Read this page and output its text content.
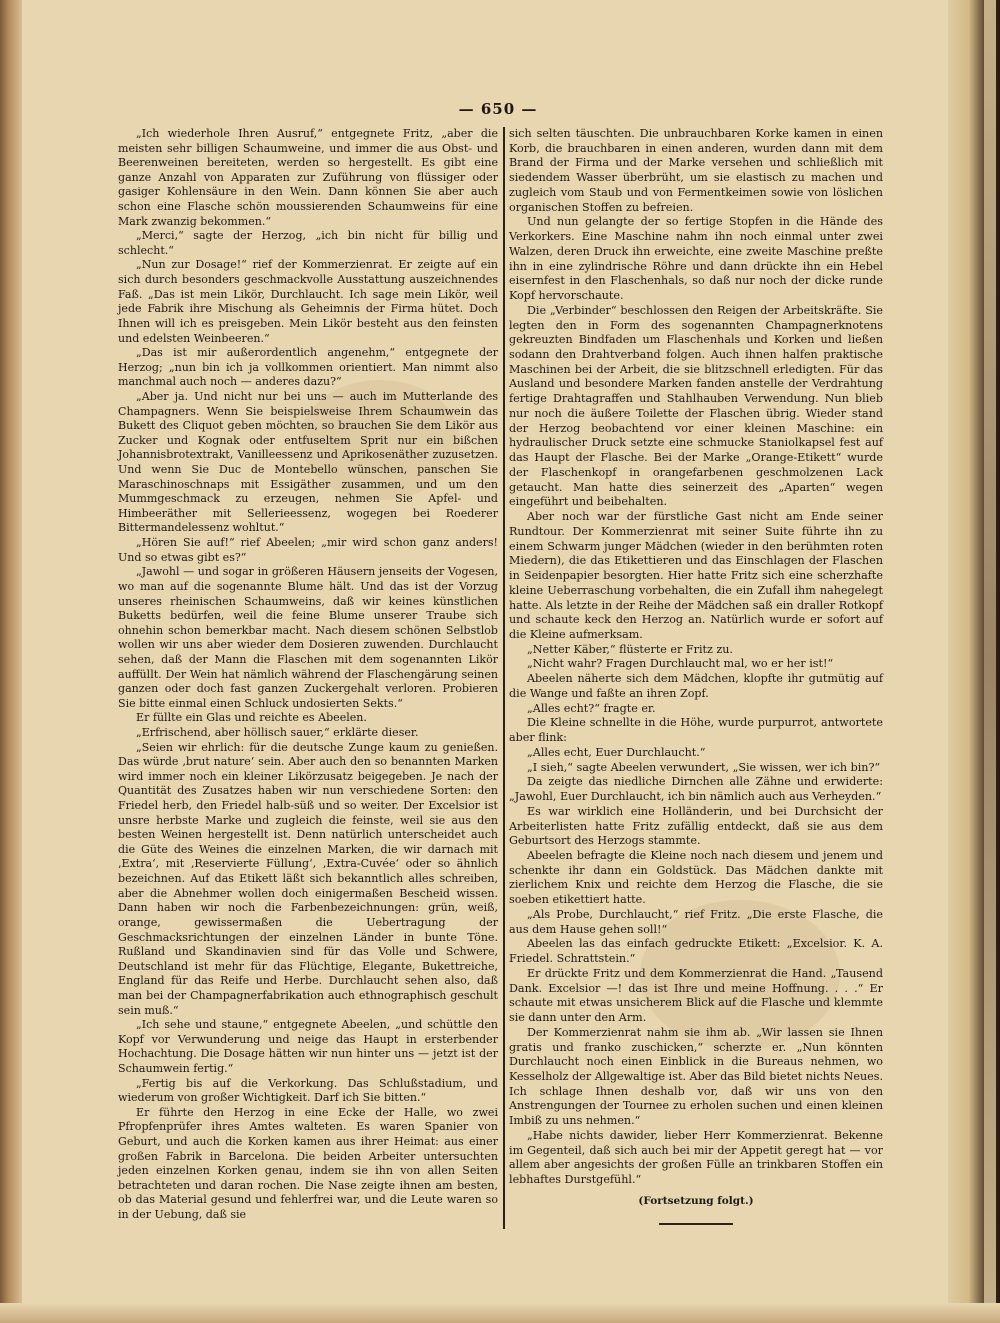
— 650 —

„Ich wiederhole Ihren Ausruf,“ entgegnete Fritz, „aber die meisten sehr billigen Schaumweine, und immer die aus Obst- und Beerenweinen bereiteten, werden so hergestellt. Es gibt eine ganze Anzahl von Apparaten zur Zuführung von flüssiger oder gasiger Kohlensäure in den Wein. Dann können Sie aber auch schon eine Flasche schön moussierenden Schaumweins für eine Mark zwanzig bekommen.“

„Merci,“ sagte der Herzog, „ich bin nicht für billig und schlecht.“

„Nun zur Dosage!“ rief der Kommerzienrat. Er zeigte auf ein sich durch besonders geschmackvolle Ausstattung auszeichnendes Faß. „Das ist mein Likör, Durchlaucht. Ich sage mein Likör, weil jede Fabrik ihre Mischung als Geheimnis der Firma hütet. Doch Ihnen will ich es preisgeben. Mein Likör besteht aus den feinsten und edelsten Weinbeeren.“

„Das ist mir außerordentlich angenehm,“ entgegnete der Herzog; „nun bin ich ja vollkommen orientiert. Man nimmt also manchmal auch noch — anderes dazu?“

„Aber ja. Und nicht nur bei uns — auch im Mutterlande des Champagners. Wenn Sie beispielsweise Ihrem Schaumwein das Bukett des Cliquot geben möchten, so brauchen Sie dem Likör aus Zucker und Kognak oder entfuseltem Sprit nur ein bißchen Johannisbrotextrakt, Vanilleessenz und Aprikosenäther zuzusetzen. Und wenn Sie Duc de Montebello wünschen, panschen Sie Maraschinoschnaps mit Essigäther zusammen, und um den Mummgeschmack zu erzeugen, nehmen Sie Apfel- und Himbeeräther mit Sellerieessenz, wogegen bei Roederer Bittermandelessenz wohltut.“

„Hören Sie auf!“ rief Abeelen; „mir wird schon ganz anders! Und so etwas gibt es?“

„Jawohl — und sogar in größeren Häusern jenseits der Vogesen, wo man auf die sogenannte Blume hält. Und das ist der Vorzug unseres rheinischen Schaumweins, daß wir keines künstlichen Buketts bedürfen, weil die feine Blume unserer Traube sich ohnehin schon bemerkbar macht. Nach diesem schönen Selbstlob wollen wir uns aber wieder dem Dosieren zuwenden. Durchlaucht sehen, daß der Mann die Flaschen mit dem sogenannten Likör auffüllt. Der Wein hat nämlich während der Flaschengärung seinen ganzen oder doch fast ganzen Zuckergehalt verloren. Probieren Sie bitte einmal einen Schluck undosierten Sekts.“

Er füllte ein Glas und reichte es Abeelen.

„Erfrischend, aber höllisch sauer,“ erklärte dieser.

„Seien wir ehrlich: für die deutsche Zunge kaum zu genießen. Das würde ‚brut nature‘ sein. Aber auch den so benannten Marken wird immer noch ein kleiner Likörzusatz beigegeben. Je nach der Quantität des Zusatzes haben wir nun verschiedene Sorten: den Friedel herb, den Friedel halb-süß und so weiter. Der Excelsior ist unsre herbste Marke und zugleich die feinste, weil sie aus den besten Weinen hergestellt ist. Denn natürlich unterscheidet auch die Güte des Weines die einzelnen Marken, die wir darnach mit ‚Extra‘, mit ‚Reservierte Füllung‘, ‚Extra-Cuvée‘ oder so ähnlich bezeichnen. Auf das Etikett läßt sich bekanntlich alles schreiben, aber die Abnehmer wollen doch einigermaßen Bescheid wissen. Dann haben wir noch die Farbenbezeichnungen: grün, weiß, orange, gewissermaßen die Uebertragung der Geschmacksrichtungen der einzelnen Länder in bunte Töne. Rußland und Skandinavien sind für das Volle und Schwere, Deutschland ist mehr für das Flüchtige, Elegante, Bukettreiche, England für das Reife und Herbe. Durchlaucht sehen also, daß man bei der Champagnerfabrikation auch ethnographisch geschult sein muß.“

„Ich sehe und staune,“ entgegnete Abeelen, „und schüttle den Kopf vor Verwunderung und neige das Haupt in ersterbender Hochachtung. Die Dosage hätten wir nun hinter uns — jetzt ist der Schaumwein fertig.“

„Fertig bis auf die Verkorkung. Das Schlußstadium, und wiederum von großer Wichtigkeit. Darf ich Sie bitten.“

Er führte den Herzog in eine Ecke der Halle, wo zwei Pfropfenprüfer ihres Amtes walteten. Es waren Spanier von Geburt, und auch die Korken kamen aus ihrer Heimat: aus einer großen Fabrik in Barcelona. Die beiden Arbeiter untersuchten jeden einzelnen Korken genau, indem sie ihn von allen Seiten betrachteten und daran rochen. Die Nase zeigte ihnen am besten, ob das Material gesund und fehlerfrei war, und die Leute waren so in der Uebung, daß sie

sich selten täuschten. Die unbrauchbaren Korke kamen in einen Korb, die brauchbaren in einen anderen, wurden dann mit dem Brand der Firma und der Marke versehen und schließlich mit siedendem Wasser überbrüht, um sie elastisch zu machen und zugleich vom Staub und von Fermentkeimen sowie von löslichen organischen Stoffen zu befreien.

Und nun gelangte der so fertige Stopfen in die Hände des Verkorkers. Eine Maschine nahm ihn noch einmal unter zwei Walzen, deren Druck ihn erweichte, eine zweite Maschine preßte ihn in eine zylindrische Röhre und dann drückte ihn ein Hebel eisernfest in den Flaschenhals, so daß nur noch der dicke runde Kopf hervorschaute.

Die „Verbinder“ beschlossen den Reigen der Arbeitskräfte. Sie legten den in Form des sogenannten Champagnerknotens gekreuzten Bindfaden um Flaschenhals und Korken und ließen sodann den Drahtverband folgen. Auch ihnen halfen praktische Maschinen bei der Arbeit, die sie blitzschnell erledigten. Für das Ausland und besondere Marken fanden anstelle der Verdrahtung fertige Drahtagraffen und Stahlhauben Verwendung. Nun blieb nur noch die äußere Toilette der Flaschen übrig. Wieder stand der Herzog beobachtend vor einer kleinen Maschine: ein hydraulischer Druck setzte eine schmucke Staniolkapsel fest auf das Haupt der Flasche. Bei der Marke „Orange-Etikett“ wurde der Flaschenkopf in orangefarbenen geschmolzenen Lack getaucht. Man hatte dies seinerzeit des „Aparten“ wegen eingeführt und beibehalten.

Aber noch war der fürstliche Gast nicht am Ende seiner Rundtour. Der Kommerzienrat mit seiner Suite führte ihn zu einem Schwarm junger Mädchen (wieder in den berühmten roten Miedern), die das Etikettieren und das Einschlagen der Flaschen in Seidenpapier besorgten. Hier hatte Fritz sich eine scherzhafte kleine Ueberraschung vorbehalten, die ein Zufall ihm nahegelegt hatte. Als letzte in der Reihe der Mädchen saß ein draller Rotkopf und schaute keck den Herzog an. Natürlich wurde er sofort auf die Kleine aufmerksam.

„Netter Käber,“ flüsterte er Fritz zu.

„Nicht wahr? Fragen Durchlaucht mal, wo er her ist!“

Abeelen näherte sich dem Mädchen, klopfte ihr gutmütig auf die Wange und faßte an ihren Zopf.

„Alles echt?“ fragte er.

Die Kleine schnellte in die Höhe, wurde purpurrot, antwortete aber flink:

„Alles echt, Euer Durchlaucht.“

„I sieh,“ sagte Abeelen verwundert, „Sie wissen, wer ich bin?“

Da zeigte das niedliche Dirnchen alle Zähne und erwiderte: „Jawohl, Euer Durchlaucht, ich bin nämlich auch aus Verheyden.“

Es war wirklich eine Holländerin, und bei Durchsicht der Arbeiterlisten hatte Fritz zufällig entdeckt, daß sie aus dem Geburtsort des Herzogs stammte.

Abeelen befragte die Kleine noch nach diesem und jenem und schenkte ihr dann ein Goldstück. Das Mädchen dankte mit zierlichem Knix und reichte dem Herzog die Flasche, die sie soeben etikettiert hatte.

„Als Probe, Durchlaucht,“ rief Fritz. „Die erste Flasche, die aus dem Hause gehen soll!“

Abeelen las das einfach gedruckte Etikett: „Excelsior. K. A. Friedel. Schrattstein.“

Er drückte Fritz und dem Kommerzienrat die Hand. „Tausend Dank. Excelsior —! das ist Ihre und meine Hoffnung. . . .“ Er schaute mit etwas unsicherem Blick auf die Flasche und klemmte sie dann unter den Arm.

Der Kommerzienrat nahm sie ihm ab. „Wir lassen sie Ihnen gratis und franko zuschicken,“ scherzte er. „Nun könnten Durchlaucht noch einen Einblick in die Bureaus nehmen, wo Kesselholz der Allgewaltige ist. Aber das Bild bietet nichts Neues. Ich schlage Ihnen deshalb vor, daß wir uns von den Anstrengungen der Tournee zu erholen suchen und einen kleinen Imbiß zu uns nehmen.“

„Habe nichts dawider, lieber Herr Kommerzienrat. Bekenne im Gegenteil, daß sich auch bei mir der Appetit geregt hat — vor allem aber angesichts der großen Fülle an trinkbaren Stoffen ein lebhaftes Durstgefühl.“

(Fortsetzung folgt.)
